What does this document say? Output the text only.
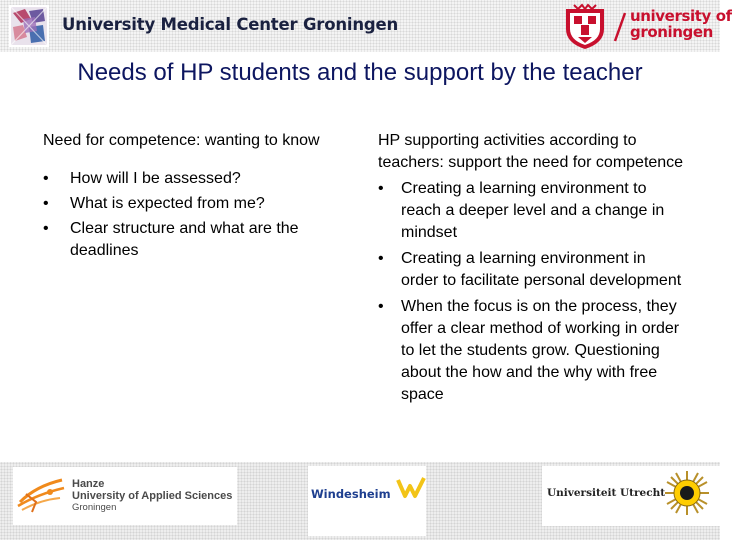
University Medical Center Groningen	university of
groningen
Needs of HP students and the support by the teacher
Need for competence: wanting to know
• How will I be assessed?
• What is expected from me?
• Clear structure and what are the deadlines
HP supporting activities according to teachers: support the need for competence
• Creating a learning environment to reach a deeper level and a change in mindset
• Creating a learning environment in order to facilitate personal development
• When the focus is on the process, they offer a clear method of working in order to let the students grow. Questioning about the how and the why with free space
Hanze
University of Applied Sciences
Groningen
Windesheim	Universiteit Utrecht
